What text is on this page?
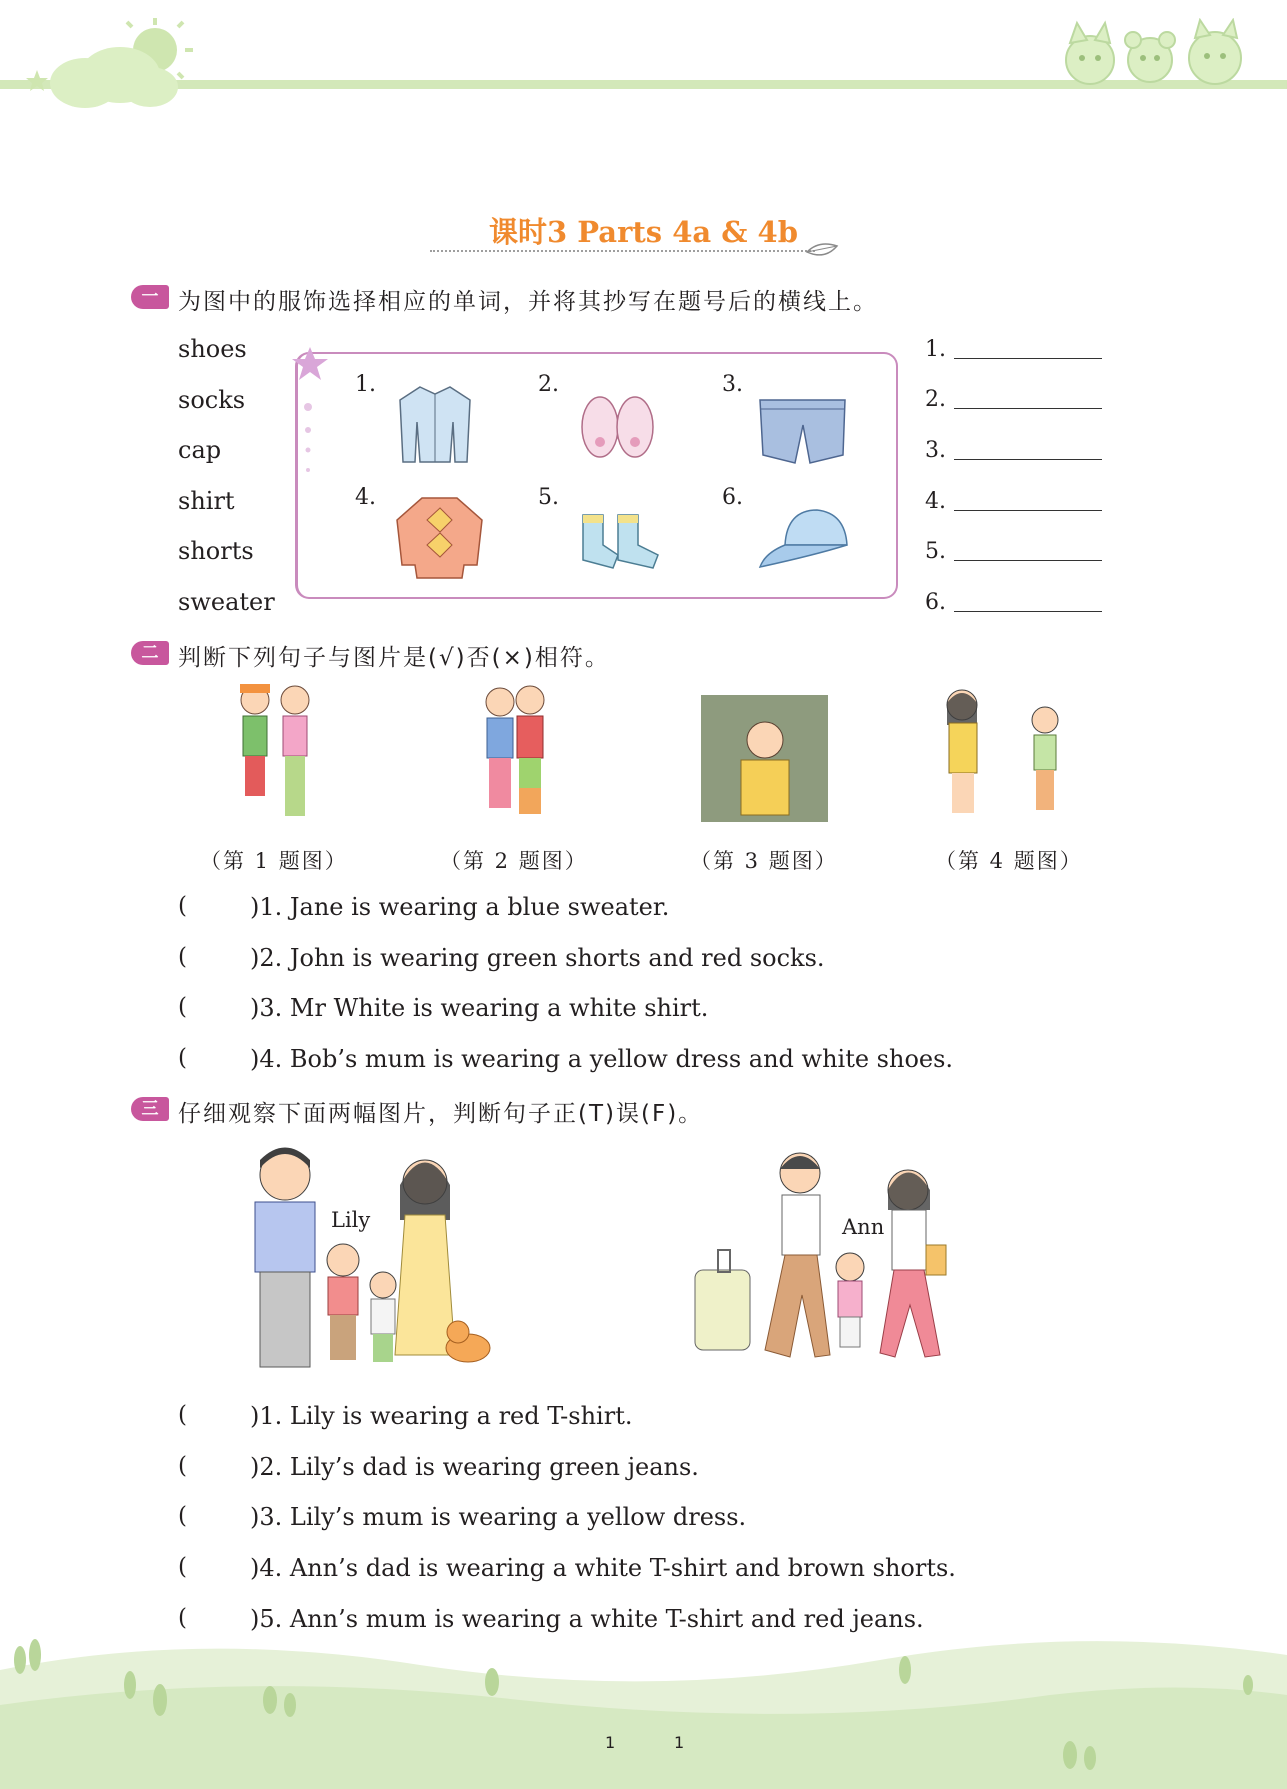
课时3 Parts 4a & 4b
一 为图中的服饰选择相应的单词，并将其抄写在题号后的横线上。
shoes
socks
cap
shirt
shorts
sweater
1.	2.	3.
4.	5.	6.
1.
2.
3.
4.
5.
6.
二 判断下列句子与图片是(√)否(×)相符。
（第 1 题图）	（第 2 题图）	（第 3 题图）	（第 4 题图）
(	)1. Jane is wearing a blue sweater.
(	)2. John is wearing green shorts and red socks.
(	)3. Mr White is wearing a white shirt.
(	)4. Bob’s mum is wearing a yellow dress and white shoes.
三 仔细观察下面两幅图片，判断句子正(T)误(F)。
Lily	Ann
(	)1. Lily is wearing a red T-shirt.
(	)2. Lily’s dad is wearing green jeans.
(	)3. Lily’s mum is wearing a yellow dress.
(	)4. Ann’s dad is wearing a white T-shirt and brown shorts.
(	)5. Ann’s mum is wearing a white T-shirt and red jeans.
1	1
